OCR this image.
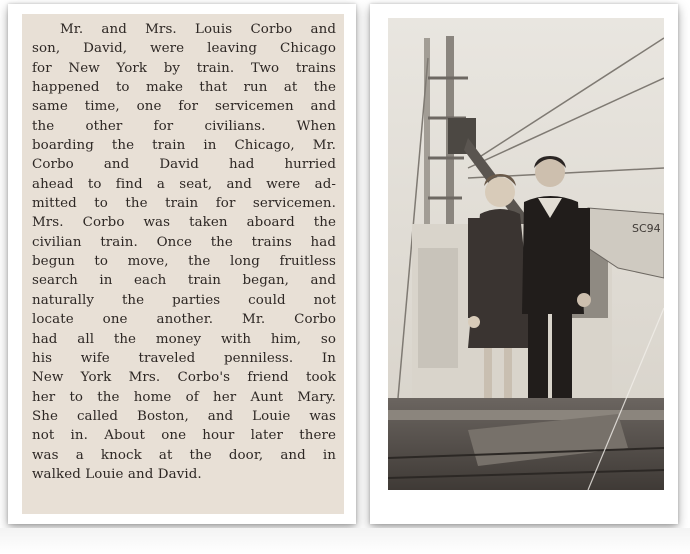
Mr. and Mrs. Louis Corbo and
son, David, were leaving Chicago
for New York by train. Two trains
happened to make that run at the
same time, one for servicemen and
the other for civilians. When
boarding the train in Chicago, Mr.
Corbo and David had hurried
ahead to find a seat, and were ad-
mitted to the train for servicemen.
Mrs. Corbo was taken aboard the
civilian train. Once the trains had
begun to move, the long fruitless
search in each train began, and
naturally the parties could not
locate one another. Mr. Corbo
had all the money with him, so
his wife traveled penniless. In
New York Mrs. Corbo's friend took
her to the home of her Aunt Mary.
She called Boston, and Louie was
not in. About one hour later there
was a knock at the door, and in
walked Louie and David.
SC94
